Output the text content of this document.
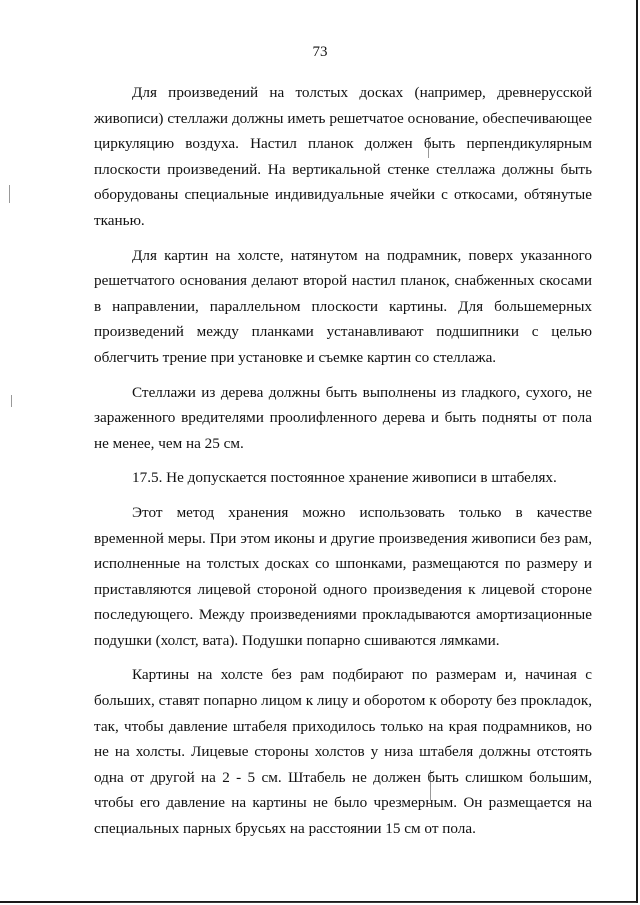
73

Для произведений на толстых досках (например, древнерусской живописи) стеллажи должны иметь решетчатое основание, обеспечивающее циркуляцию воздуха. Настил планок должен быть перпендикулярным плоскости произведений. На вертикальной стенке стеллажа должны быть оборудованы специальные индивидуальные ячейки с откосами, обтянутые тканью.

Для картин на холсте, натянутом на подрамник, поверх указанного решетчатого основания делают второй настил планок, снабженных скосами в направлении, параллельном плоскости картины. Для большемерных произведений между планками устанавливают подшипники с целью облегчить трение при установке и съемке картин со стеллажа.

Стеллажи из дерева должны быть выполнены из гладкого, сухого, не зараженного вредителями проолифленного дерева и быть подняты от пола не менее, чем на 25 см.

17.5. Не допускается постоянное хранение живописи в штабелях.

Этот метод хранения можно использовать только в качестве временной меры. При этом иконы и другие произведения живописи без рам, исполненные на толстых досках со шпонками, размещаются по размеру и приставляются лицевой стороной одного произведения к лицевой стороне последующего. Между произведениями прокладываются амортизационные подушки (холст, вата). Подушки попарно сшиваются лямками.

Картины на холсте без рам подбирают по размерам и, начиная с больших, ставят попарно лицом к лицу и оборотом к обороту без прокладок, так, чтобы давление штабеля приходилось только на края подрамников, но не на холсты. Лицевые стороны холстов у низа штабеля должны отстоять одна от другой на 2 - 5 см. Штабель не должен быть слишком большим, чтобы его давление на картины не было чрезмерным. Он размещается на специальных парных брусьях на расстоянии 15 см от пола.
